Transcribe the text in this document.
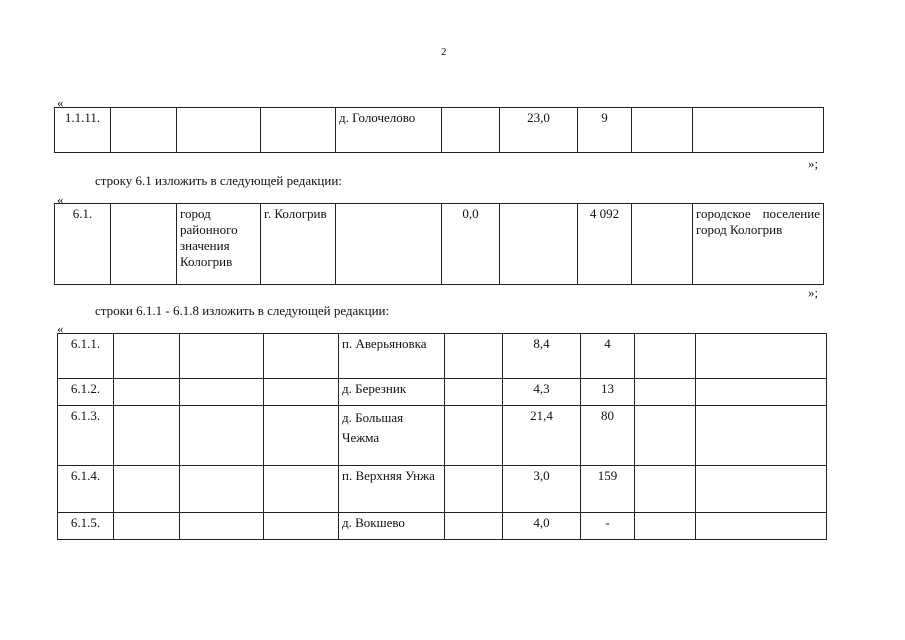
2
«
1.1.11.				д. Голочелово		23,0	9		
»;
строку 6.1 изложить в следующей редакции:
«
6.1.		город районного значения Кологрив	г. Кологрив		0,0		4 092		городское поселение город Кологрив
»;
строки 6.1.1 - 6.1.8 изложить в следующей редакции:
«
6.1.1.				п. Аверьяновка		8,4	4		
6.1.2.				д. Березник		4,3	13		
6.1.3.				д. Большая Чежма		21,4	80		
6.1.4.				п. Верхняя Унжа		3,0	159		
6.1.5.				д. Вокшево		4,0	-		
